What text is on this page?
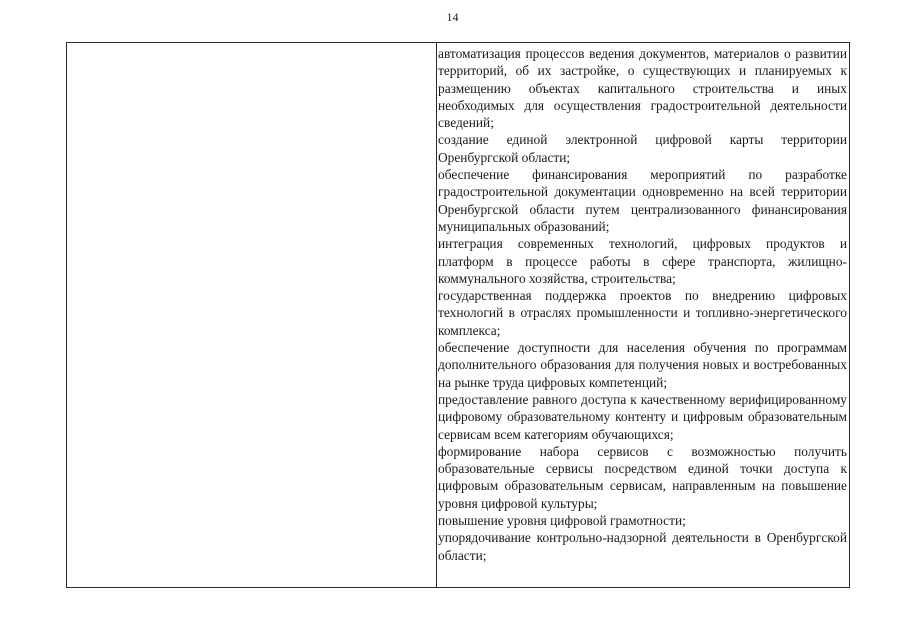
14

автоматизация процессов ведения документов, материалов о развитии территорий, об их застройке, о существующих и планируемых к размещению объектах капитального строительства и иных необходимых для осуществления градостроительной деятельности сведений;

создание единой электронной цифровой карты территории Оренбургской области;

обеспечение финансирования мероприятий по разработке градостроительной документации одновременно на всей территории Оренбургской области путем централизованного финансирования муниципальных образований;

интеграция современных технологий, цифровых продуктов и платформ в процессе работы в сфере транспорта, жилищно-коммунального хозяйства, строительства;

государственная поддержка проектов по внедрению цифровых технологий в отраслях промышленности и топливно-энергетического комплекса;

обеспечение доступности для населения обучения по программам дополнительного образования для получения новых и востребованных на рынке труда цифровых компетенций;

предоставление равного доступа к качественному верифицированному цифровому образовательному контенту и цифровым образовательным сервисам всем категориям обучающихся;

формирование набора сервисов с возможностью получить образовательные сервисы посредством единой точки доступа к цифровым образовательным сервисам, направленным на повышение уровня цифровой культуры;

повышение уровня цифровой грамотности;

упорядочивание контрольно-надзорной деятельности в Оренбургской области;
